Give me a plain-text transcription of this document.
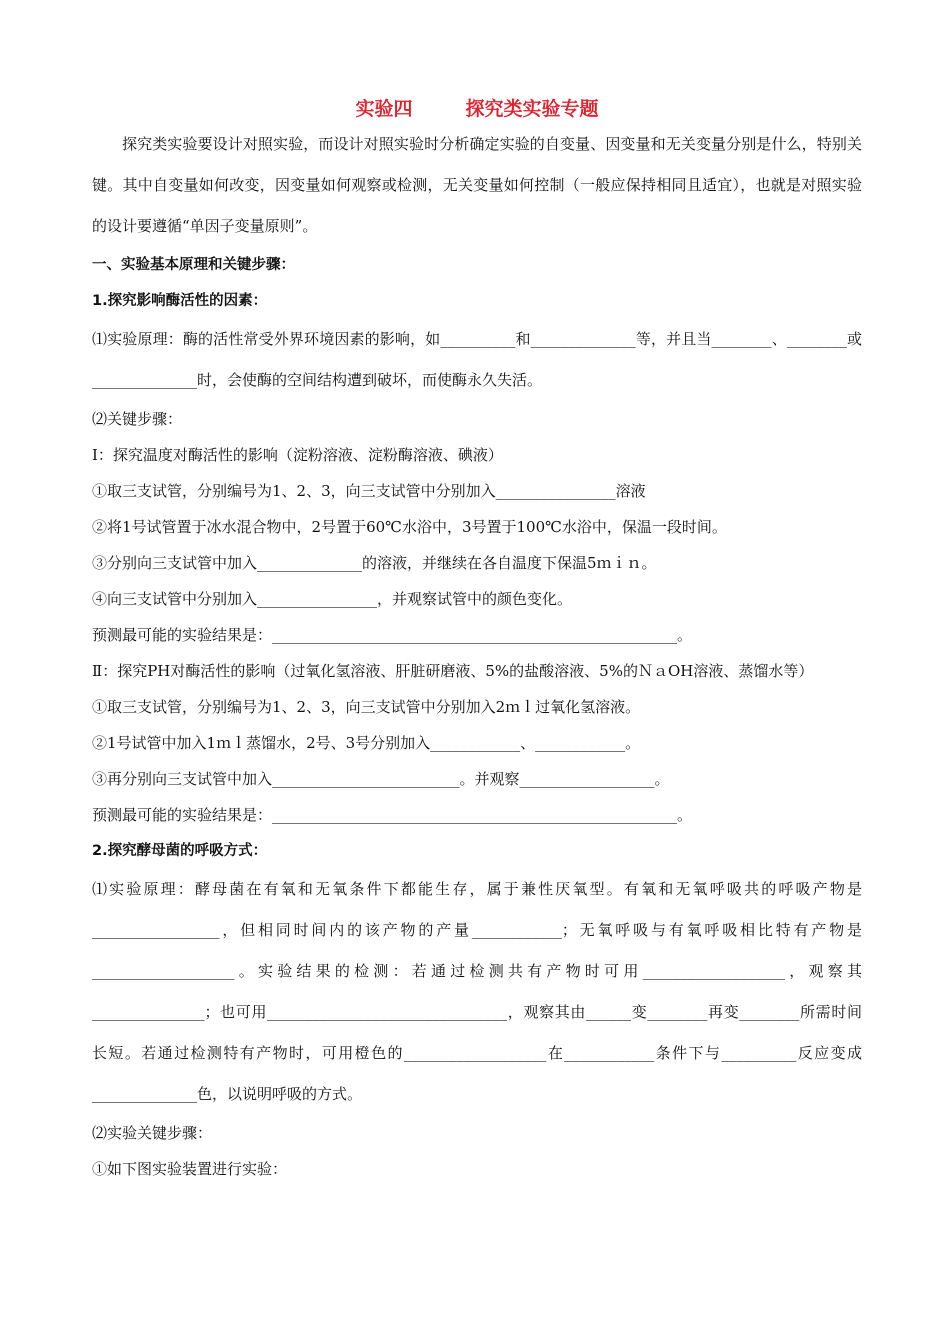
实验四        探究类实验专题

探究类实验要设计对照实验，而设计对照实验时分析确定实验的自变量、因变量和无关变量分别是什么，特别关键。其中自变量如何改变，因变量如何观察或检测，无关变量如何控制（一般应保持相同且适宜），也就是对照实验的设计要遵循“单因子变量原则”。

一、实验基本原理和关键步骤：
1.探究影响酶活性的因素：

⑴实验原理：酶的活性常受外界环境因素的影响，如__________和______________等，并且当________、________或______________时，会使酶的空间结构遭到破坏，而使酶永久失活。

⑵关键步骤：
Ⅰ：探究温度对酶活性的影响（淀粉溶液、淀粉酶溶液、碘液）
①取三支试管，分别编号为1、2、3，向三支试管中分别加入________________溶液
②将1号试管置于冰水混合物中，2号置于60℃水浴中，3号置于100℃水浴中，保温一段时间。
③分别向三支试管中加入______________的溶液，并继续在各自温度下保温5ｍｉｎ。
④向三支试管中分别加入________________，并观察试管中的颜色变化。
预测最可能的实验结果是：______________________________________________________。

Ⅱ：探究PH对酶活性的影响（过氧化氢溶液、肝脏研磨液、5%的盐酸溶液、5%的ＮａOH溶液、蒸馏水等）

①取三支试管，分别编号为1、2、3，向三支试管中分别加入2ｍｌ过氧化氢溶液。
②1号试管中加入1ｍｌ蒸馏水，2号、3号分别加入____________、____________。
③再分别向三支试管中加入_________________________。并观察__________________。
预测最可能的实验结果是：______________________________________________________。
2.探究酵母菌的呼吸方式：

⑴实验原理：酵母菌在有氧和无氧条件下都能生存，属于兼性厌氧型。有氧和无氧呼吸共的呼吸产物是_________________，但相同时间内的该产物的产量____________；无氧呼吸与有氧呼吸相比特有产物是___________________。实验结果的检测：若通过检测共有产物时可用___________________，观察其_______________；也可用________________________________，观察其由______变________再变________所需时间长短。若通过检测特有产物时，可用橙色的___________________在____________条件下与__________反应变成______________色，以说明呼吸的方式。

⑵实验关键步骤：
①如下图实验装置进行实验：
